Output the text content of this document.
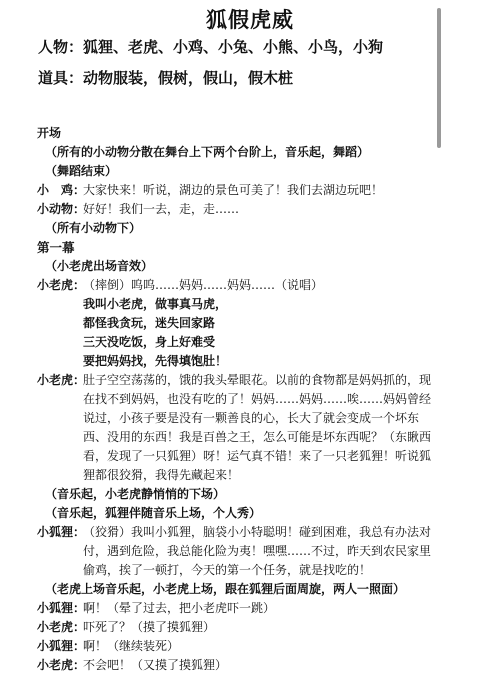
狐假虎威
人物：狐狸、老虎、小鸡、小兔、小熊、小鸟，小狗
道具：动物服装，假树，假山，假木桩
开场
（所有的小动物分散在舞台上下两个台阶上，音乐起，舞蹈）
（舞蹈结束）
小　鸡：
大家快来！听说，湖边的景色可美了！我们去湖边玩吧！
小动物：
好好！我们一去，走，走……
（所有小动物下）
第一幕
（小老虎出场音效）
小老虎：
（摔倒）呜呜……妈妈……妈妈……（说唱）
我叫小老虎，做事真马虎，
都怪我贪玩，迷失回家路
三天没吃饭，身上好难受
要把妈妈找，先得填饱肚！
小老虎：
肚子空空荡荡的，饿的我头晕眼花。以前的食物都是妈妈抓的，现在找不到妈妈，也没有吃的了！妈妈……妈妈……唉……妈妈曾经说过，小孩子要是没有一颗善良的心，长大了就会变成一个坏东西、没用的东西！我是百兽之王，怎么可能是坏东西呢？（东瞅西看，发现了一只狐狸）呀！运气真不错！来了一只老狐狸！听说狐狸都很狡猾，我得先藏起来！
（音乐起，小老虎静悄悄的下场）
（音乐起，狐狸伴随音乐上场，个人秀）
小狐狸：
（狡猾）我叫小狐狸，脑袋小小特聪明！碰到困难，我总有办法对付，遇到危险，我总能化险为夷！嘿嘿……不过，昨天到农民家里偷鸡，挨了一顿打，今天的第一个任务，就是找吃的！
（老虎上场音乐起，小老虎上场，跟在狐狸后面周旋，两人一照面）
小狐狸：
啊！（晕了过去，把小老虎吓一跳）
小老虎：
吓死了？（摸了摸狐狸）
小狐狸：
啊！（继续装死）
小老虎：
不会吧！（又摸了摸狐狸）
